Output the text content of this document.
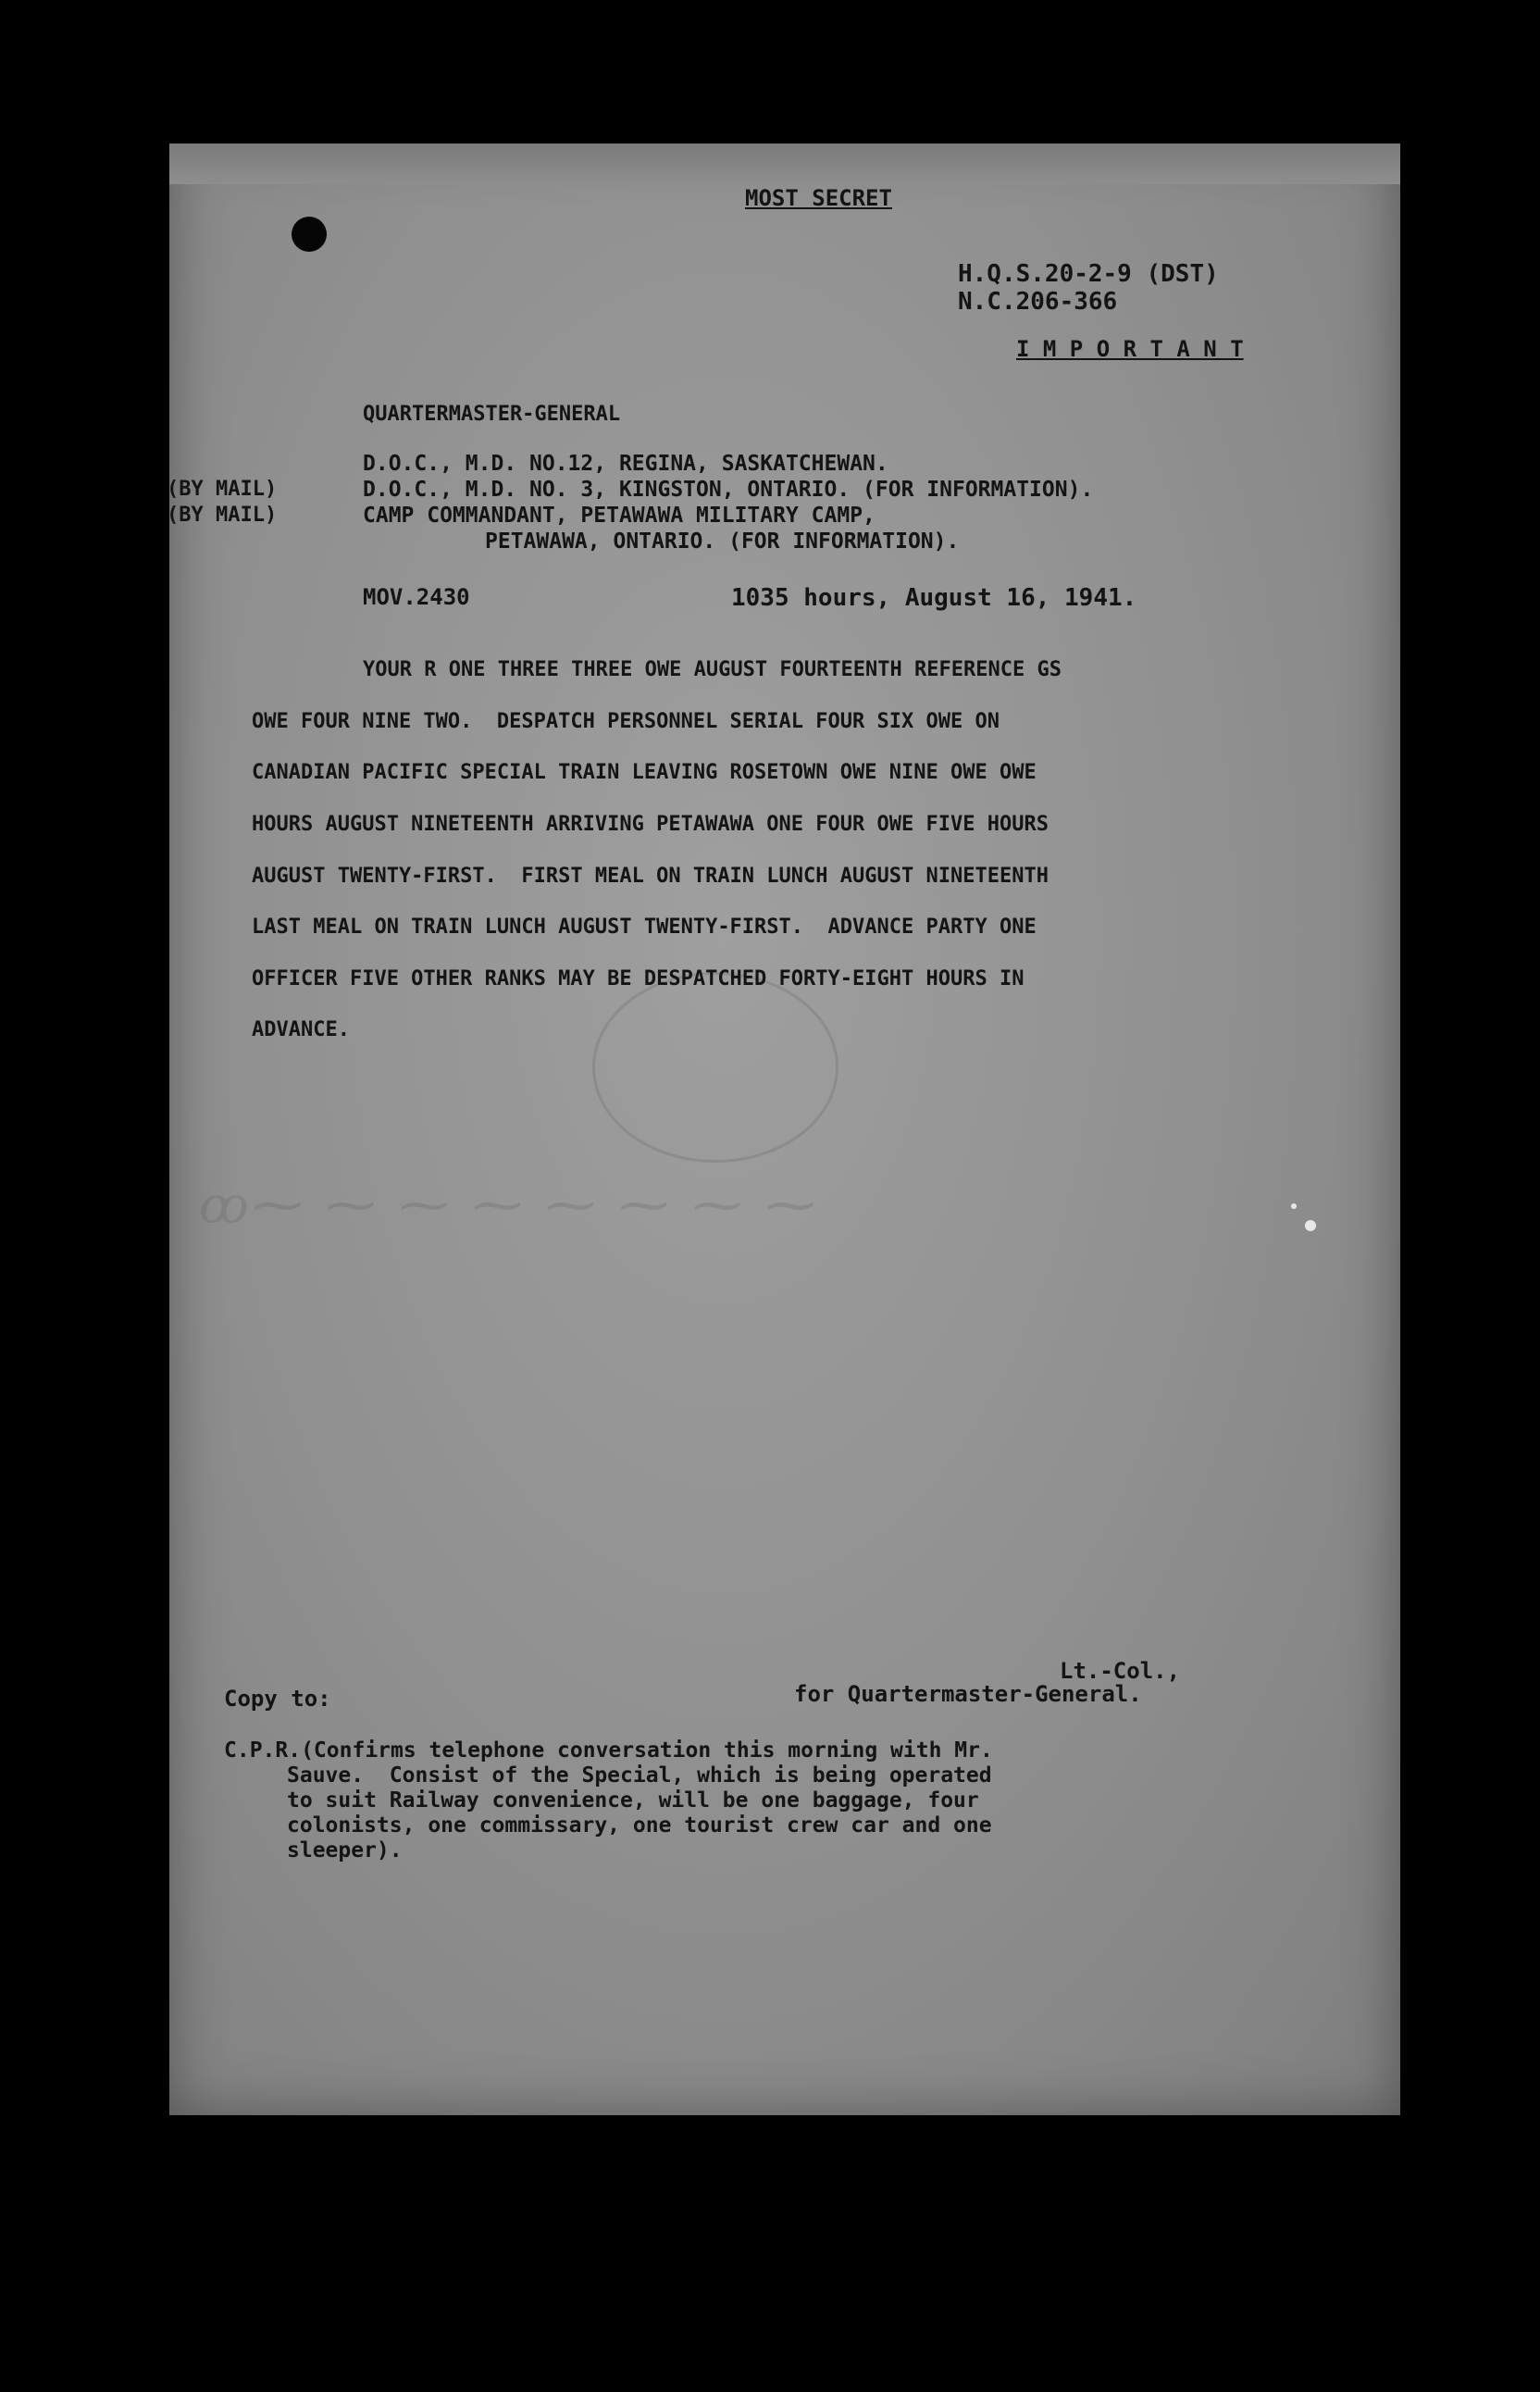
ꝏ⁓ ⁓ ⁓ ⁓ ⁓ ⁓ ⁓ ⁓
MOST SECRET
H.Q.S.20-2-9 (DST)
N.C.206-366
I M P O R T A N T
QUARTERMASTER-GENERAL
D.O.C., M.D. NO.12, REGINA, SASKATCHEWAN.
(BY MAIL)	D.O.C., M.D. NO. 3, KINGSTON, ONTARIO. (FOR INFORMATION).
(BY MAIL)	CAMP COMMANDANT, PETAWAWA MILITARY CAMP,
PETAWAWA, ONTARIO. (FOR INFORMATION).
MOV.2430	1035 hours, August 16, 1941.
YOUR R ONE THREE THREE OWE AUGUST FOURTEENTH REFERENCE GS
OWE FOUR NINE TWO.  DESPATCH PERSONNEL SERIAL FOUR SIX OWE ON
CANADIAN PACIFIC SPECIAL TRAIN LEAVING ROSETOWN OWE NINE OWE OWE
HOURS AUGUST NINETEENTH ARRIVING PETAWAWA ONE FOUR OWE FIVE HOURS
AUGUST TWENTY-FIRST.  FIRST MEAL ON TRAIN LUNCH AUGUST NINETEENTH
LAST MEAL ON TRAIN LUNCH AUGUST TWENTY-FIRST.  ADVANCE PARTY ONE
OFFICER FIVE OTHER RANKS MAY BE DESPATCHED FORTY-EIGHT HOURS IN
ADVANCE.
Lt.-Col.,
for Quartermaster-General.
Copy to:
C.P.R.(Confirms telephone conversation this morning with Mr.
Sauve.  Consist of the Special, which is being operated
to suit Railway convenience, will be one baggage, four
colonists, one commissary, one tourist crew car and one
sleeper).
